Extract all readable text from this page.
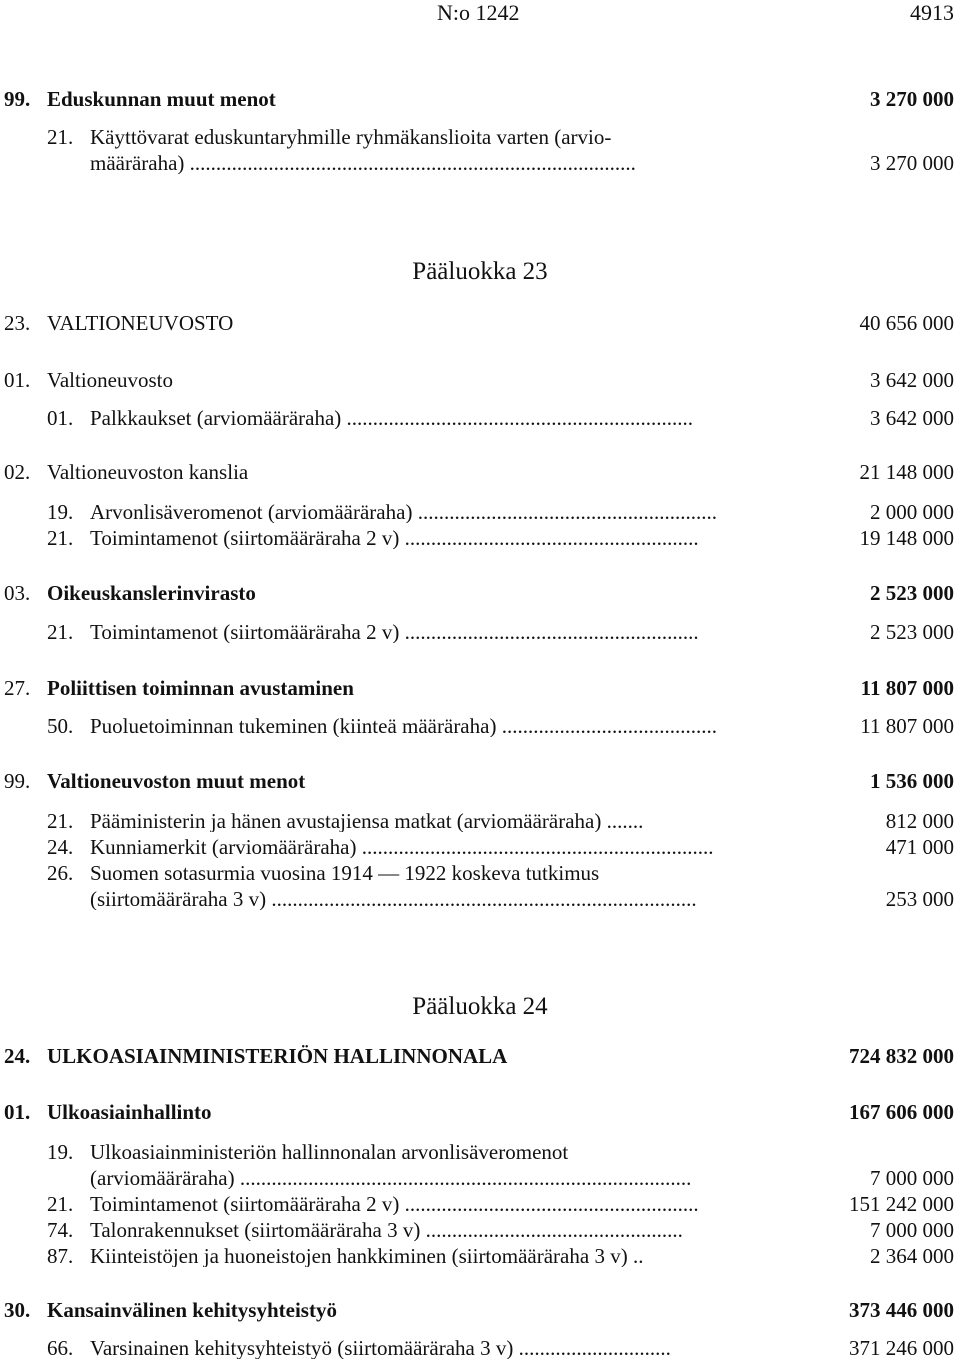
N:o 1242	4913
99. Eduskunnan muut menot	3 270 000
21. Käyttövarat eduskuntaryhmille ryhmäkanslioita varten (arvio-
määräraha) .....................................................................................	3 270 000
Pääluokka 23
23. VALTIONEUVOSTO	40 656 000
01. Valtioneuvosto	3 642 000
01. Palkkaukset (arviomääräraha) ..................................................................	3 642 000
02. Valtioneuvoston kanslia	21 148 000
19. Arvonlisäveromenot (arviomääräraha) .........................................................	2 000 000
21. Toimintamenot (siirtomääräraha 2 v) ........................................................	19 148 000
03. Oikeuskanslerinvirasto	2 523 000
21. Toimintamenot (siirtomääräraha 2 v) ........................................................	2 523 000
27. Poliittisen toiminnan avustaminen	11 807 000
50. Puoluetoiminnan tukeminen (kiinteä määräraha) .........................................	11 807 000
99. Valtioneuvoston muut menot	1 536 000
21. Pääministerin ja hänen avustajiensa matkat (arviomääräraha) .......	812 000
24. Kunniamerkit (arviomääräraha) ...................................................................	471 000
26. Suomen sotasurmia vuosina 1914 — 1922 koskeva tutkimus
(siirtomääräraha 3 v) .................................................................................	253 000
Pääluokka 24
24. ULKOASIAINMINISTERIÖN HALLINNONALA	724 832 000
01. Ulkoasiainhallinto	167 606 000
19. Ulkoasiainministeriön hallinnonalan arvonlisäveromenot
(arviomääräraha) ......................................................................................	7 000 000
21. Toimintamenot (siirtomääräraha 2 v) ........................................................	151 242 000
74. Talonrakennukset (siirtomääräraha 3 v) .................................................	7 000 000
87. Kiinteistöjen ja huoneistojen hankkiminen (siirtomääräraha 3 v) ..	2 364 000
30. Kansainvälinen kehitysyhteistyö	373 446 000
66. Varsinainen kehitysyhteistyö (siirtomääräraha 3 v) .............................	371 246 000
